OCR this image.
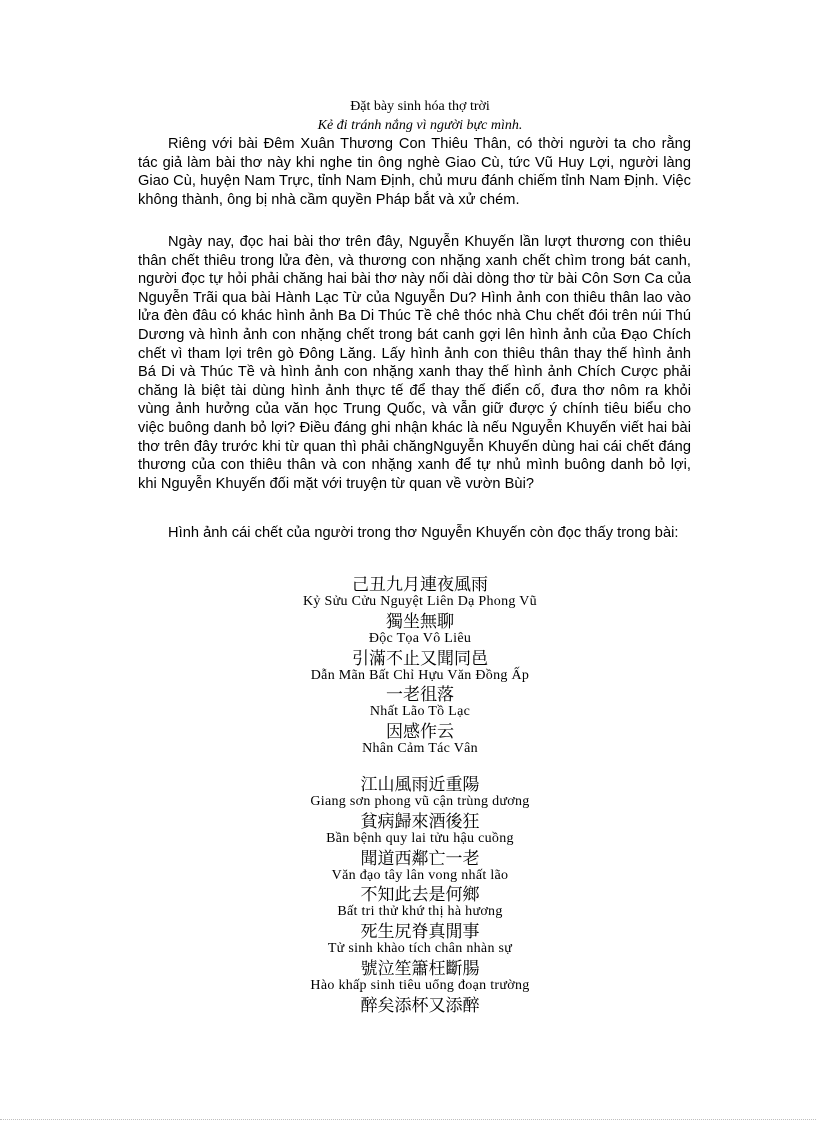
Đặt bày sinh hóa thợ trời
Kẻ đi tránh nắng vì người bực mình.
Riêng với bài Đêm Xuân Thương Con Thiêu Thân, có thời người ta cho rằng tác giả làm bài thơ này khi nghe tin ông nghè Giao Cù, tức Vũ Huy Lợi, người làng Giao Cù, huyện Nam Trực, tỉnh Nam Định, chủ mưu đánh chiếm tỉnh Nam Định. Việc không thành, ông bị nhà cầm quyền Pháp bắt và xử chém.
Ngày nay, đọc hai bài thơ trên đây, Nguyễn Khuyến lần lượt thương con thiêu thân chết thiêu trong lửa đèn, và thương con nhặng xanh chết chìm trong bát canh, người đọc tự hỏi phải chăng hai bài thơ này nối dài dòng thơ từ bài Côn Sơn Ca của Nguyễn Trãi qua bài Hành Lạc Từ của Nguyễn Du? Hình ảnh con thiêu thân lao vào lửa đèn đâu có khác hình ảnh Ba Di Thúc Tề chê thóc nhà Chu chết đói trên núi Thú Dương và hình ảnh con nhặng chết trong bát canh gợi lên hình ảnh của Đạo Chích chết vì tham lợi trên gò Đông Lăng. Lấy hình ảnh con thiêu thân thay thế hình ảnh Bá Di và Thúc Tề và hình ảnh con nhặng xanh thay thế hình ảnh Chích Cược phải chăng là biệt tài dùng hình ảnh thực tế để thay thế điển cố, đưa thơ nôm ra khỏi vùng ảnh hưởng của văn học Trung Quốc, và vẫn giữ được ý chính tiêu biểu cho việc buông danh bỏ lợi? Điều đáng ghi nhận khác là nếu Nguyễn Khuyến viết hai bài thơ trên đây trước khi từ quan thì phải chăngNguyễn Khuyến dùng hai cái chết đáng thương của con thiêu thân và con nhặng xanh để tự nhủ mình buông danh bỏ lợi, khi Nguyễn Khuyến đối mặt với truyện từ quan về vườn Bùi?
Hình ảnh cái chết của người trong thơ Nguyễn Khuyến còn đọc thấy trong bài:
己丑九月連夜風雨
Kỷ Sửu Cửu Nguyệt Liên Dạ Phong Vũ
獨坐無聊
Độc Tọa Vô Liêu
引滿不止又聞同邑
Dẫn Mãn Bất Chỉ Hựu Văn Đồng Ấp
一老徂落
Nhất Lão Tồ Lạc
因感作云
Nhân Cảm Tác Vân
江山風雨近重陽
Giang sơn phong vũ cận trùng dương
貧病歸來酒後狂
Bần bệnh quy lai tửu hậu cuồng
聞道西鄰亡一老
Văn đạo tây lân vong nhất lão
不知此去是何鄉
Bất tri thử khứ thị hà hương
死生尻脊真閒事
Tử sinh khào tích chân nhàn sự
號泣笙簫枉斷腸
Hào khấp sinh tiêu uổng đoạn trường
醉矣添杯又添醉
